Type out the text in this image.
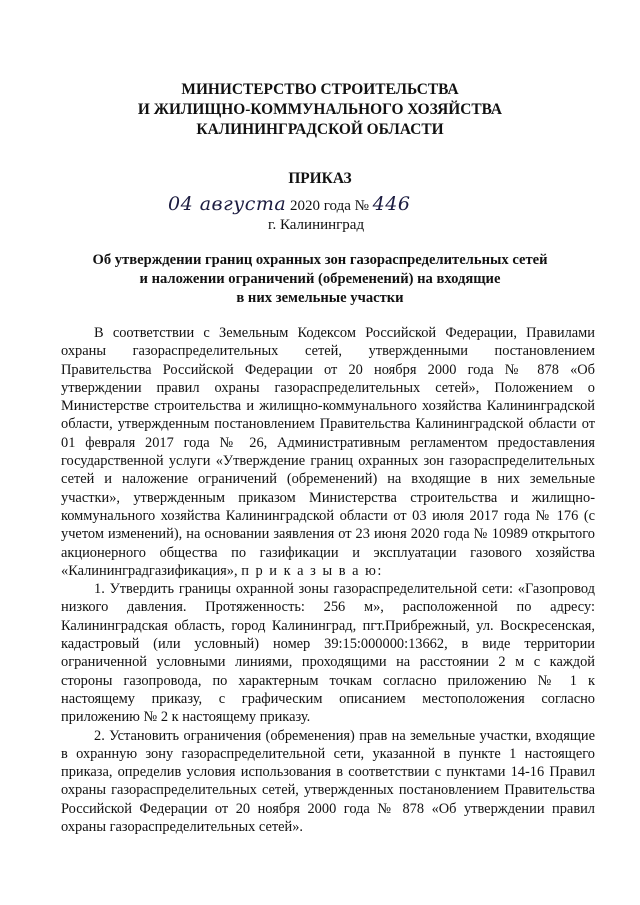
МИНИСТЕРСТВО СТРОИТЕЛЬСТВА
И ЖИЛИЩНО-КОММУНАЛЬНОГО ХОЗЯЙСТВА
КАЛИНИНГРАДСКОЙ ОБЛАСТИ
ПРИКАЗ
04 августа 2020 года № 446
г. Калининград
Об утверждении границ охранных зон газораспределительных сетей
и наложении ограничений (обременений) на входящие
в них земельные участки

В соответствии с Земельным Кодексом Российской Федерации, Правилами охраны газораспределительных сетей, утвержденными постановлением Правительства Российской Федерации от 20 ноября 2000 года № 878 «Об утверждении правил охраны газораспределительных сетей», Положением о Министерстве строительства и жилищно-коммунального хозяйства Калининградской области, утвержденным постановлением Правительства Калининградской области от 01 февраля 2017 года № 26, Административным регламентом предоставления государственной услуги «Утверждение границ охранных зон газораспределительных сетей и наложение ограничений (обременений) на входящие в них земельные участки», утвержденным приказом Министерства строительства и жилищно-коммунального хозяйства Калининградской области от 03 июля 2017 года № 176 (с учетом изменений), на основании заявления от 23 июня 2020 года № 10989 открытого акционерного общества по газификации и эксплуатации газового хозяйства «Калининградгазификация», п р и к а з ы в а ю:

1. Утвердить границы охранной зоны газораспределительной сети: «Газопровод низкого давления. Протяженность: 256 м», расположенной по адресу: Калининградская область, город Калининград, пгт.Прибрежный, ул. Воскресенская, кадастровый (или условный) номер 39:15:000000:13662, в виде территории ограниченной условными линиями, проходящими на расстоянии 2 м с каждой стороны газопровода, по характерным точкам согласно приложению № 1 к настоящему приказу, с графическим описанием местоположения согласно приложению № 2 к настоящему приказу.

2. Установить ограничения (обременения) прав на земельные участки, входящие в охранную зону газораспределительной сети, указанной в пункте 1 настоящего приказа, определив условия использования в соответствии с пунктами 14-16 Правил охраны газораспределительных сетей, утвержденных постановлением Правительства Российской Федерации от 20 ноября 2000 года № 878 «Об утверждении правил охраны газораспределительных сетей».
